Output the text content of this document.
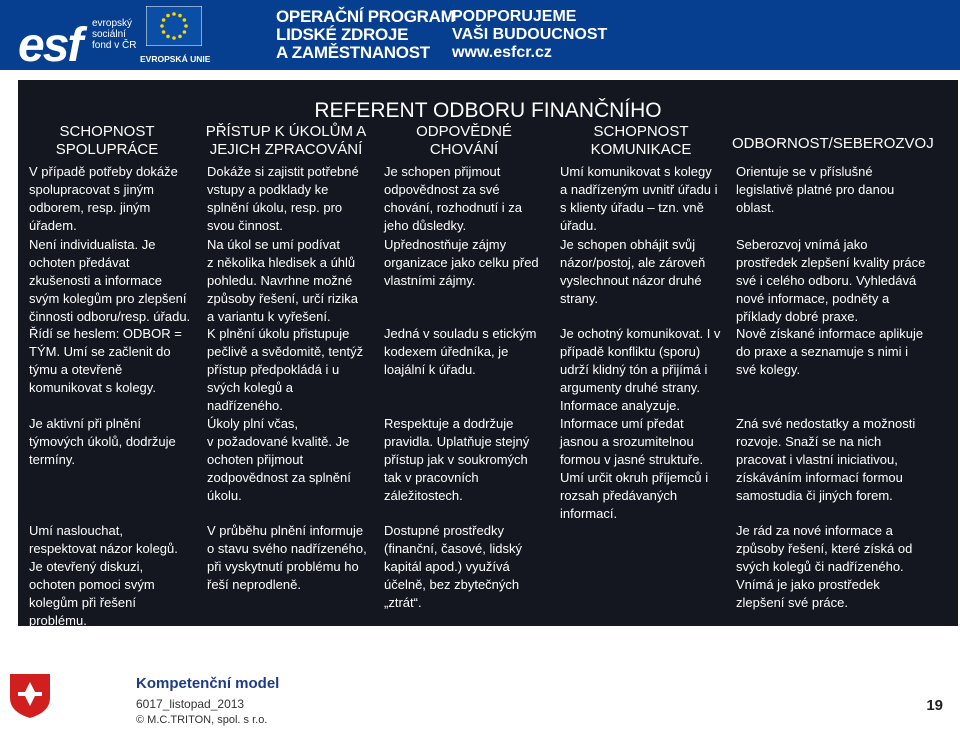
esf evropský
sociální
fond v ČR
EVROPSKÁ UNIE
OPERAČNÍ PROGRAM
LIDSKÉ ZDROJE
A ZAMĚSTNANOST
PODPORUJEME
VAŠI BUDOUCNOST
www.esfcr.cz
REFERENT ODBORU FINANČNÍHO
SCHOPNOST
SPOLUPRÁCE
PŘÍSTUP K ÚKOLŮM A
JEJICH ZPRACOVÁNÍ
ODPOVĚDNÉ
CHOVÁNÍ
SCHOPNOST
KOMUNIKACE	ODBORNOST/SEBEROZVOJ
V případě potřeby dokáže
spolupracovat s jiným
odborem, resp. jiným
úřadem.
Dokáže si zajistit potřebné
vstupy a podklady ke
splnění úkolu, resp. pro
svou činnost.
Je schopen přijmout
odpovědnost za své
chování, rozhodnutí i za
jeho důsledky.
Umí komunikovat s kolegy
a nadřízeným uvnitř úřadu i
s klienty úřadu – tzn. vně
úřadu.
Orientuje se v příslušné
legislativě platné pro danou
oblast.
Není individualista. Je
ochoten předávat
zkušenosti a informace
svým kolegům pro zlepšení
činnosti odboru/resp. úřadu.
Na úkol se umí podívat
z několika hledisek a úhlů
pohledu. Navrhne možné
způsoby řešení, určí rizika
a variantu k vyřešení.
Upřednostňuje zájmy
organizace jako celku před
vlastními zájmy.
Je schopen obhájit svůj
názor/postoj, ale zároveň
vyslechnout názor druhé
strany.
Seberozvoj vnímá jako
prostředek zlepšení kvality práce
své i celého odboru. Vyhledává
nové informace, podněty a
příklady dobré praxe.
Řídí se heslem: ODBOR =
TÝM. Umí se začlenit do
týmu a otevřeně
komunikovat s kolegy.
K plnění úkolu přistupuje
pečlivě a svědomitě, tentýž
přístup předpokládá i u
svých kolegů a
nadřízeného.
Jedná v souladu s etickým
kodexem úředníka, je
loajální k úřadu.
Je ochotný komunikovat. I v
případě konfliktu (sporu)
udrží klidný tón a přijímá i
argumenty druhé strany.
Informace analyzuje.
Nově získané informace aplikuje
do praxe a seznamuje s nimi i
své kolegy.
Je aktivní při plnění
týmových úkolů, dodržuje
termíny.
Úkoly plní včas,
v požadované kvalitě. Je
ochoten přijmout
zodpovědnost za splnění
úkolu.
Respektuje a dodržuje
pravidla. Uplatňuje stejný
přístup jak v soukromých
tak v pracovních
záležitostech.
Informace umí předat
jasnou a srozumitelnou
formou v jasné struktuře.
Umí určit okruh příjemců i
rozsah předávaných
informací.
Zná své nedostatky a možnosti
rozvoje. Snaží se na nich
pracovat i vlastní iniciativou,
získáváním informací formou
samostudia či jiných forem.
Umí naslouchat,
respektovat názor kolegů.
Je otevřený diskuzi,
ochoten pomoci svým
kolegům při řešení
problému.
V průběhu plnění informuje
o stavu svého nadřízeného,
při vyskytnutí problému ho
řeší neprodleně.
Dostupné prostředky
(finanční, časové, lidský
kapitál apod.) využívá
účelně, bez zbytečných
„ztrát“.
Je rád za nové informace a
způsoby řešení, které získá od
svých kolegů či nadřízeného.
Vnímá je jako prostředek
zlepšení své práce.
Kompetenční model
6017_listopad_2013
© M.C.TRITON, spol. s r.o.
19
